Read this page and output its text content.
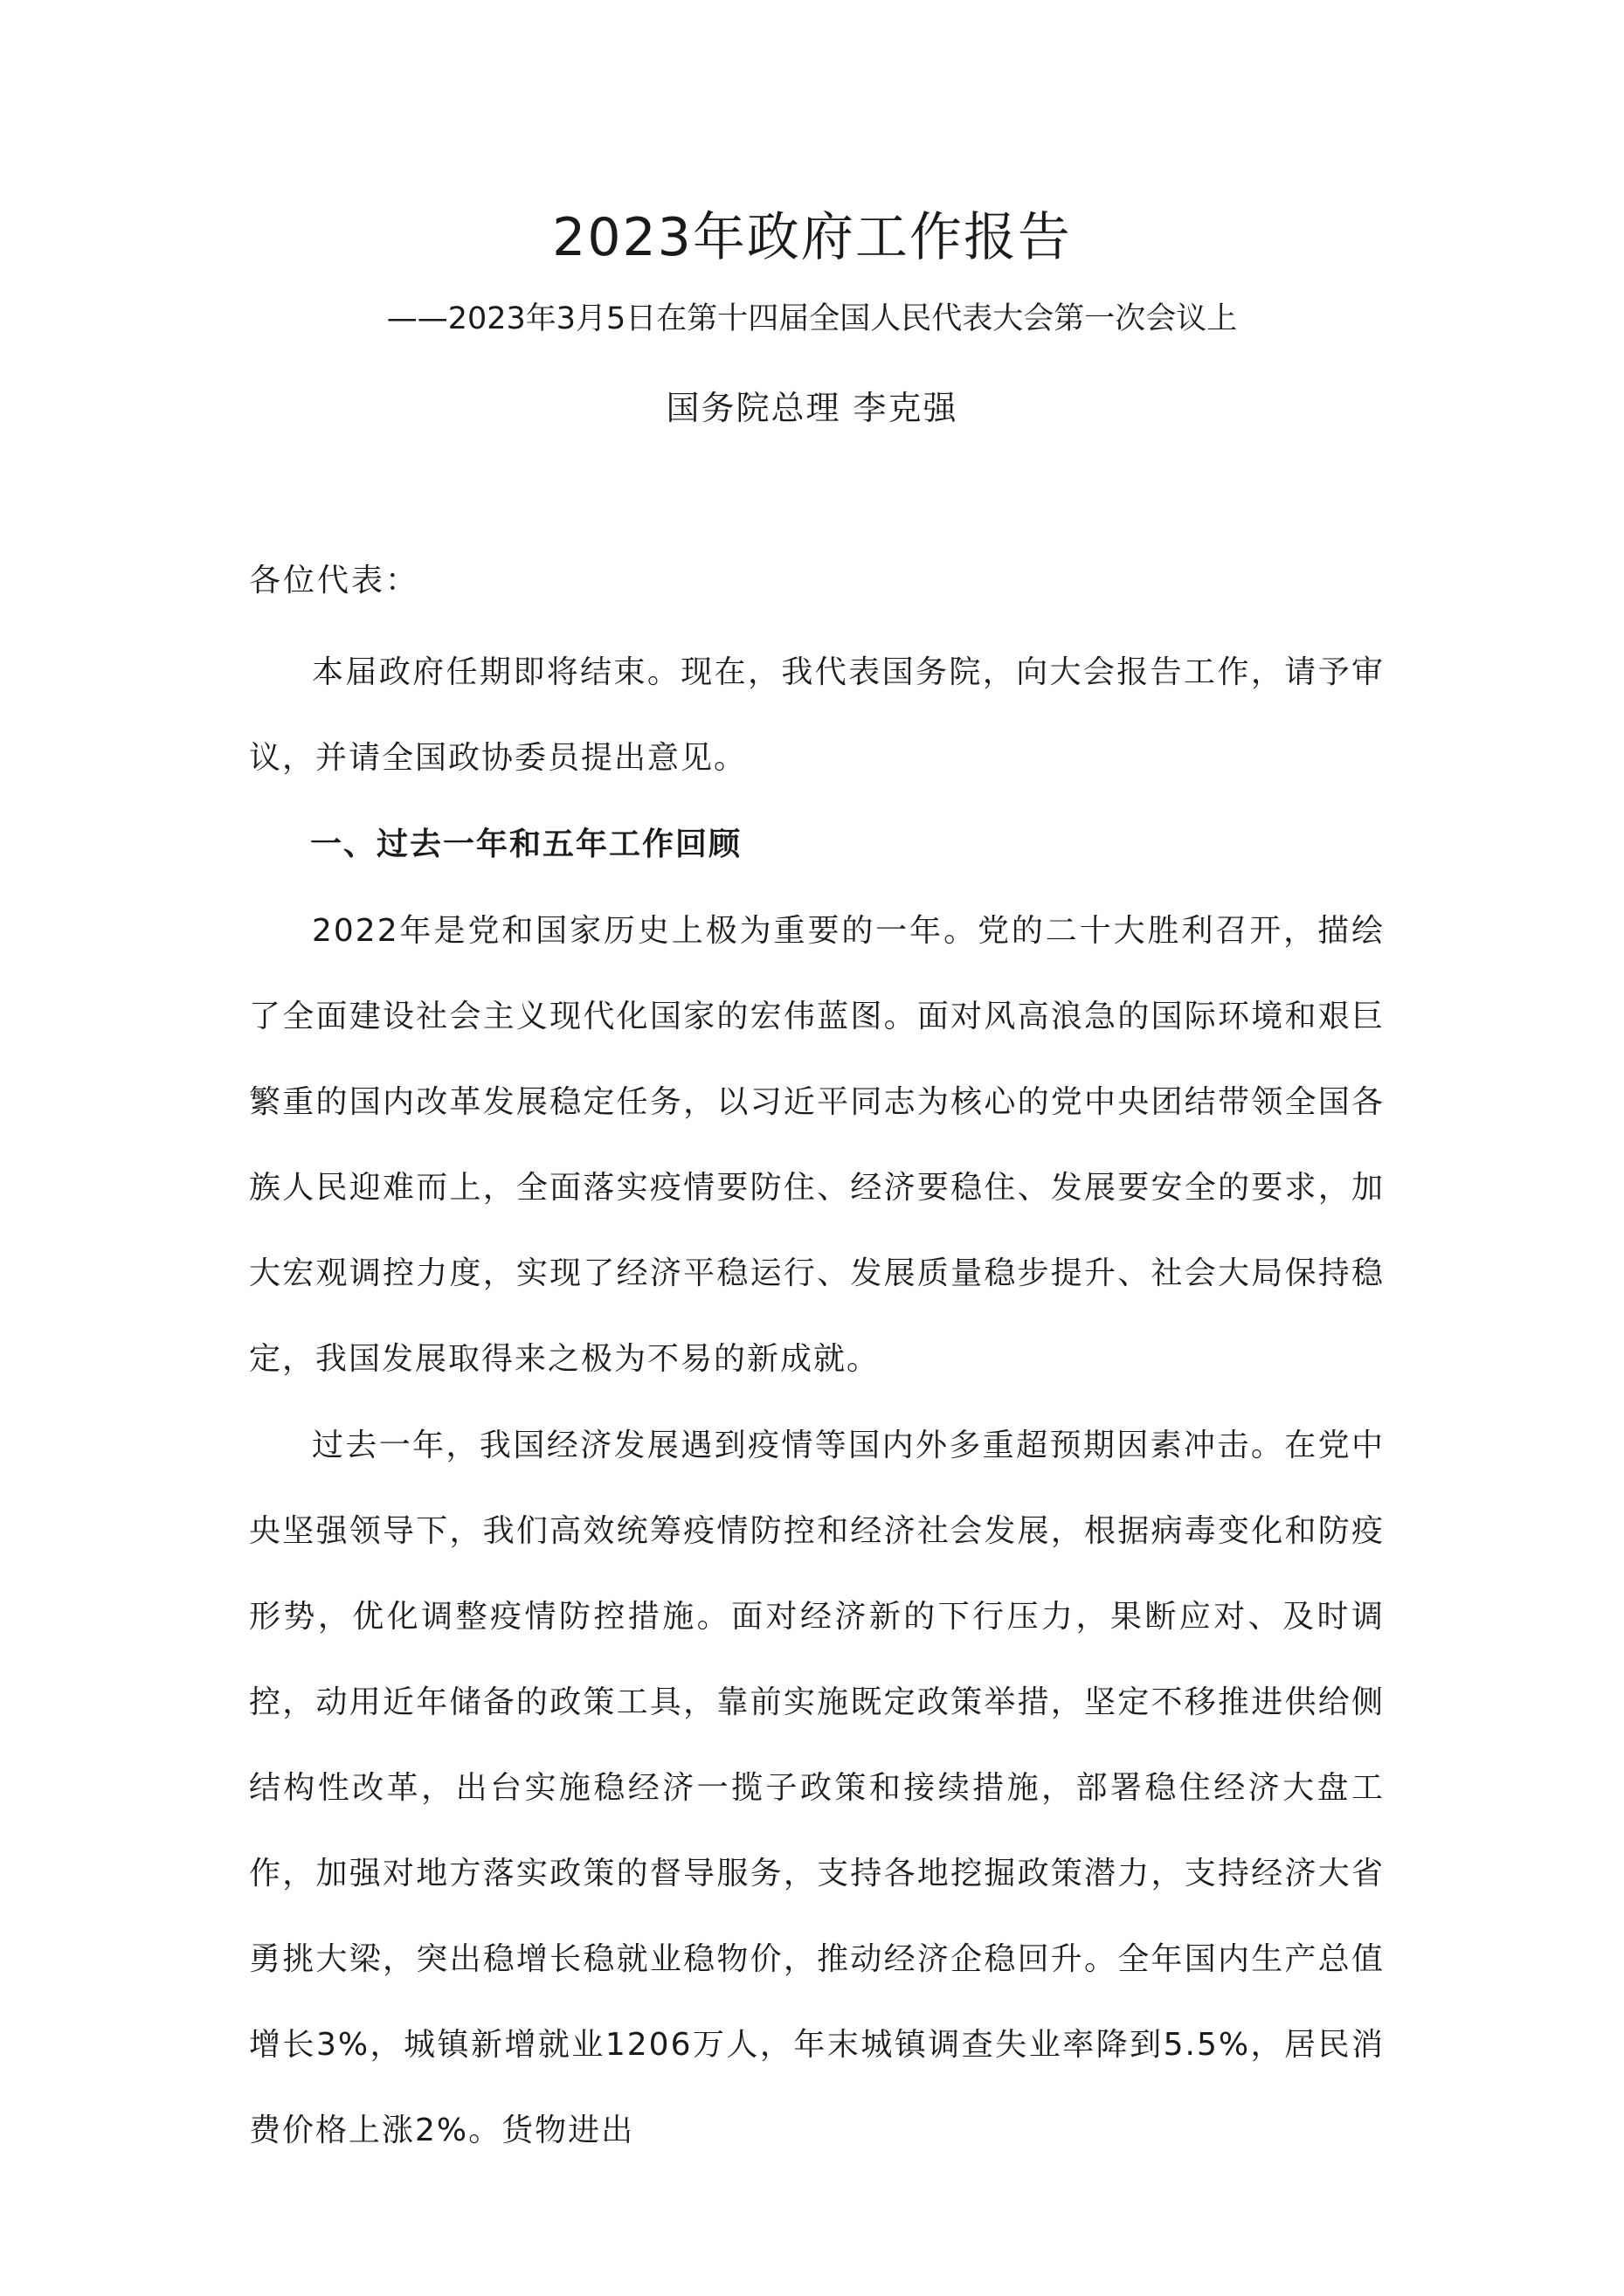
2023年政府工作报告
——2023年3月5日在第十四届全国人民代表大会第一次会议上
国务院总理 李克强
各位代表：

本届政府任期即将结束。现在，我代表国务院，向大会报告工作，请予审议，并请全国政协委员提出意见。

一、过去一年和五年工作回顾

2022年是党和国家历史上极为重要的一年。党的二十大胜利召开，描绘了全面建设社会主义现代化国家的宏伟蓝图。面对风高浪急的国际环境和艰巨繁重的国内改革发展稳定任务，以习近平同志为核心的党中央团结带领全国各族人民迎难而上，全面落实疫情要防住、经济要稳住、发展要安全的要求，加大宏观调控力度，实现了经济平稳运行、发展质量稳步提升、社会大局保持稳定，我国发展取得来之极为不易的新成就。

过去一年，我国经济发展遇到疫情等国内外多重超预期因素冲击。在党中央坚强领导下，我们高效统筹疫情防控和经济社会发展，根据病毒变化和防疫形势，优化调整疫情防控措施。面对经济新的下行压力，果断应对、及时调控，动用近年储备的政策工具，靠前实施既定政策举措，坚定不移推进供给侧结构性改革，出台实施稳经济一揽子政策和接续措施，部署稳住经济大盘工作，加强对地方落实政策的督导服务，支持各地挖掘政策潜力，支持经济大省勇挑大梁，突出稳增长稳就业稳物价，推动经济企稳回升。全年国内生产总值增长3%，城镇新增就业1206万人，年末城镇调查失业率降到5.5%，居民消费价格上涨2%。货物进出
